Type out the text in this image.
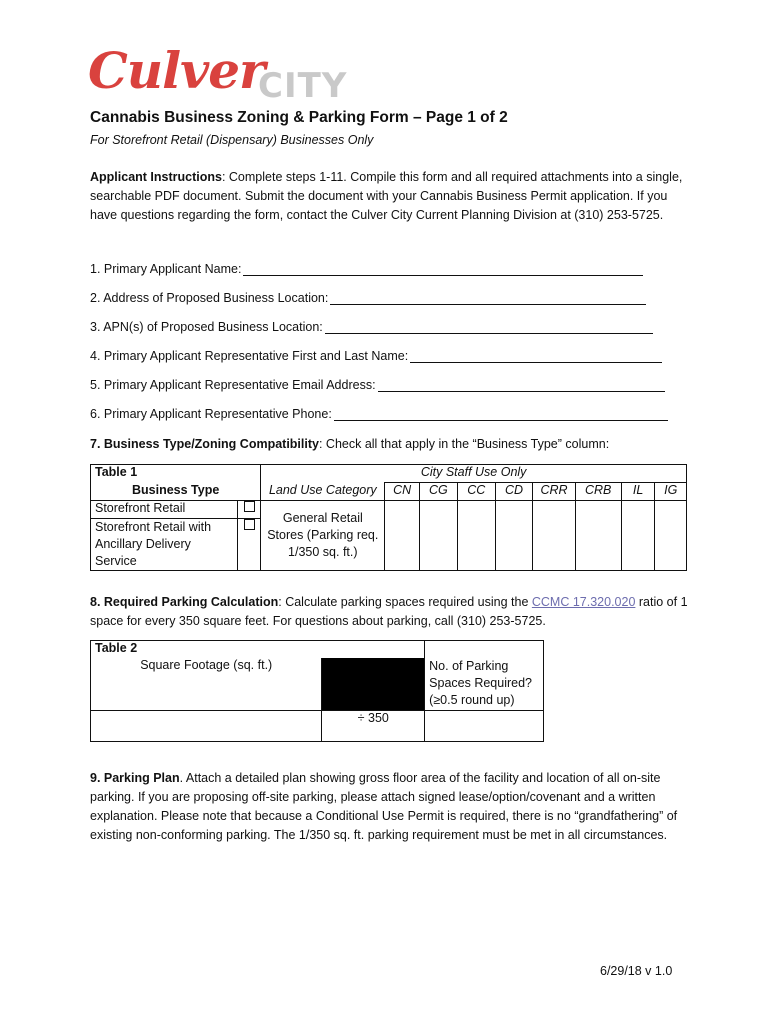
Culver
CITY
Cannabis Business Zoning & Parking Form – Page 1 of 2
For Storefront Retail (Dispensary) Businesses Only
Applicant Instructions: Complete steps 1-11. Compile this form and all required attachments into a single, searchable PDF document. Submit the document with your Cannabis Business Permit application. If you have questions regarding the form, contact the Culver City Current Planning Division at (310) 253-5725.
1. Primary Applicant Name:
2. Address of Proposed Business Location:
3. APN(s) of Proposed Business Location:
4. Primary Applicant Representative First and Last Name:
5. Primary Applicant Representative Email Address:
6. Primary Applicant Representative Phone:
7. Business Type/Zoning Compatibility: Check all that apply in the “Business Type” column:
Table 1		City Staff Use Only								
Business Type		Land Use Category	CN	CG	CC	CD	CRR	CRB	IL	IG
Storefront Retail		General Retail Stores (Parking req. 1/350 sq. ft.)								
Storefront Retail with Ancillary Delivery Service										
8. Required Parking Calculation: Calculate parking spaces required using the CCMC 17.320.020 ratio of 1 space for every 350 square feet. For questions about parking, call (310) 253-5725.
Table 2		
Square Footage (sq. ft.)		No. of Parking Spaces Required? (≥0.5 round up)
	÷ 350	
9. Parking Plan. Attach a detailed plan showing gross floor area of the facility and location of all on-site parking. If you are proposing off-site parking, please attach signed lease/option/covenant and a written explanation. Please note that because a Conditional Use Permit is required, there is no “grandfathering” of existing non-conforming parking. The 1/350 sq. ft. parking requirement must be met in all circumstances.
6/29/18 v 1.0
